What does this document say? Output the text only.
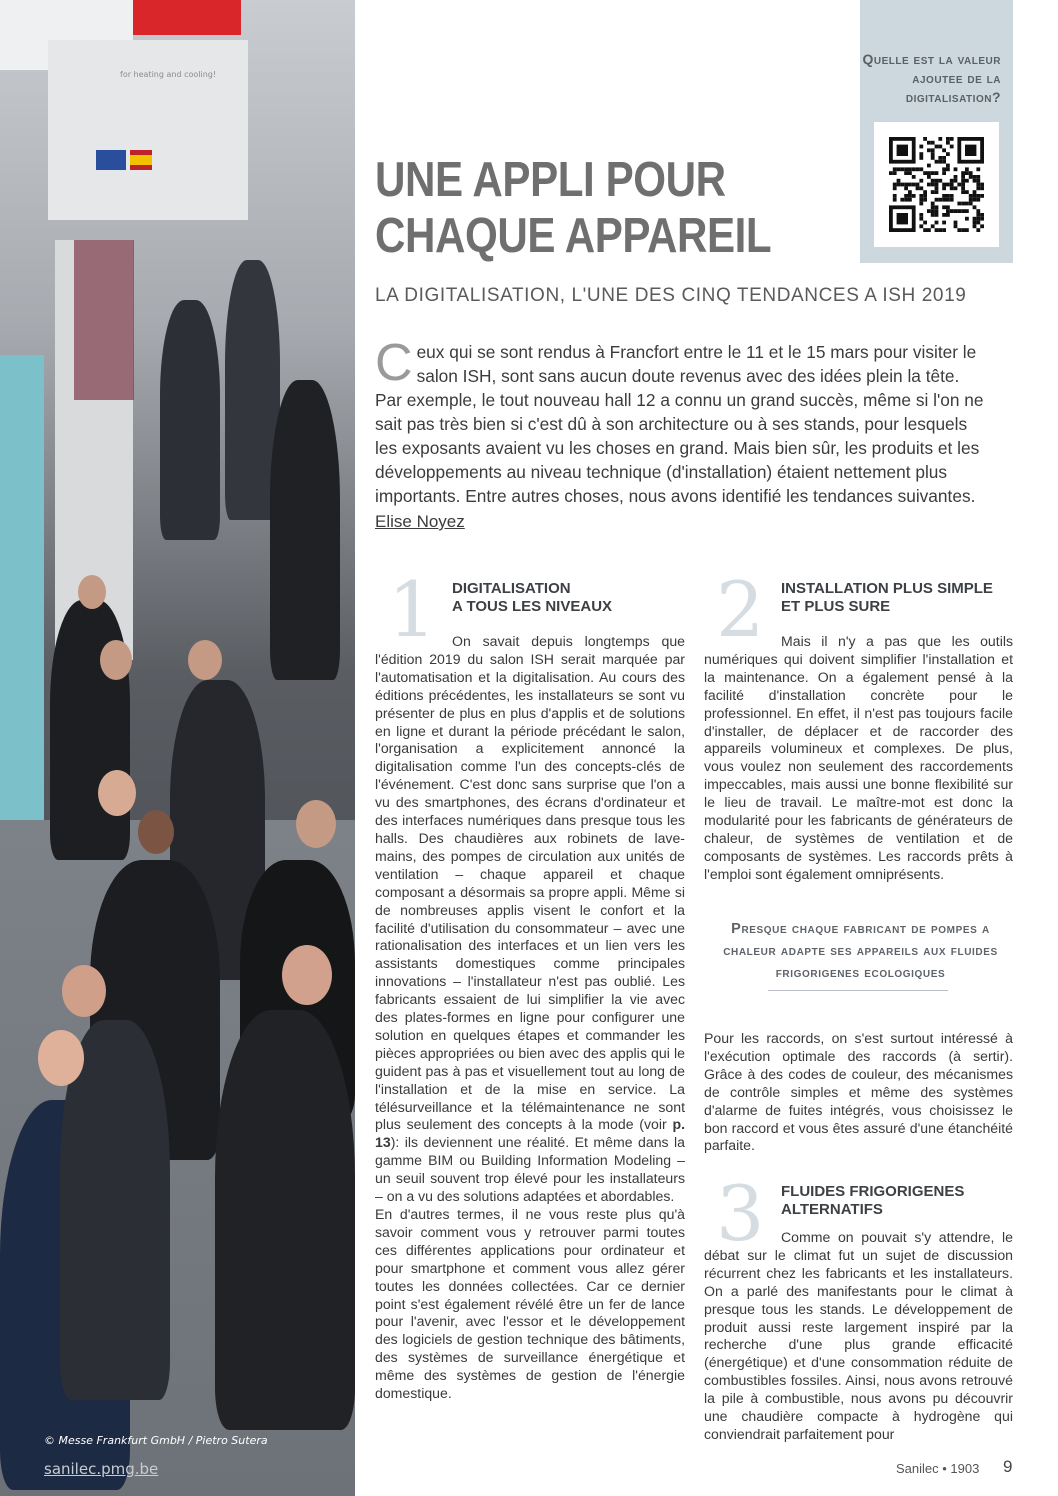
for heating and cooling!
© Messe Frankfurt GmbH / Pietro Sutera
sanilec.pmg.be
Quelle est la valeur ajoutee de la digitalisation?
UNE APPLI POUR
CHAQUE APPAREIL
LA DIGITALISATION, L'UNE DES CINQ TENDANCES A ISH 2019

Ceux qui se sont rendus à Francfort entre le 11 et le 15 mars pour visiter le salon ISH, sont sans aucun doute revenus avec des idées plein la tête. Par exemple, le tout nouveau hall 12 a connu un grand succès, même si l'on ne sait pas très bien si c'est dû à son architecture ou à ses stands, pour lesquels les exposants avaient vu les choses en grand. Mais bien sûr, les produits et les développements au niveau technique (d'installation) étaient nettement plus importants. Entre autres choses, nous avons identifié les tendances suivantes.

Elise Noyez
1 DIGITALISATION
A TOUS LES NIVEAUX

On savait depuis longtemps que l'édition 2019 du salon ISH serait marquée par l'automatisation et la digitalisation. Au cours des éditions précédentes, les installateurs se sont vu présenter de plus en plus d'applis et de solutions en ligne et durant la période précédant le salon, l'organisation a explicitement annoncé la digitalisation comme l'un des concepts-clés de l'événement. C'est donc sans surprise que l'on a vu des smartphones, des écrans d'ordinateur et des interfaces numériques dans presque tous les halls. Des chaudières aux robinets de lave-mains, des pompes de circulation aux unités de ventilation – chaque appareil et chaque composant a désormais sa propre appli. Même si de nombreuses applis visent le confort et la facilité d'utilisation du consommateur – avec une rationalisation des interfaces et un lien vers les assistants domestiques comme principales innovations – l'installateur n'est pas oublié. Les fabricants essaient de lui simplifier la vie avec des plates-formes en ligne pour configurer une solution en quelques étapes et commander les pièces appropriées ou bien avec des applis qui le guident pas à pas et visuellement tout au long de l'installation et de la mise en service. La télésurveillance et la télémaintenance ne sont plus seulement des concepts à la mode (voir p. 13): ils deviennent une réalité. Et même dans la gamme BIM ou Building Information Modeling – un seuil souvent trop élevé pour les installateurs – on a vu des solutions adaptées et abordables.

En d'autres termes, il ne vous reste plus qu'à savoir comment vous y retrouver parmi toutes ces différentes applications pour ordinateur et pour smartphone et comment vous allez gérer toutes les données collectées. Car ce dernier point s'est également révélé être un fer de lance pour l'avenir, avec l'essor et le développement des logiciels de gestion technique des bâtiments, des systèmes de surveillance énergétique et même des systèmes de gestion de l'énergie domestique.

2 INSTALLATION PLUS SIMPLE
ET PLUS SURE

Mais il n'y a pas que les outils numériques qui doivent simplifier l'installation et la maintenance. On a également pensé à la facilité d'installation concrète pour le professionnel. En effet, il n'est pas toujours facile d'installer, de déplacer et de raccorder des appareils volumineux et complexes. De plus, vous voulez non seulement des raccordements impeccables, mais aussi une bonne flexibilité sur le lieu de travail. Le maître-mot est donc la modularité pour les fabricants de générateurs de chaleur, de systèmes de ventilation et de composants de systèmes. Les raccords prêts à l'emploi sont également omniprésents.

Presque chaque fabricant de pompes a chaleur adapte ses appareils aux fluides frigorigenes ecologiques

Pour les raccords, on s'est surtout intéressé à l'exécution optimale des raccords (à sertir). Grâce à des codes de couleur, des mécanismes de contrôle simples et même des systèmes d'alarme de fuites intégrés, vous choisissez le bon raccord et vous êtes assuré d'une étanchéité parfaite.

3 FLUIDES FRIGORIGENES
ALTERNATIFS

Comme on pouvait s'y attendre, le débat sur le climat fut un sujet de discussion récurrent chez les fabricants et les installateurs. On a parlé des manifestants pour le climat à presque tous les stands. Le développement de produit aussi reste largement inspiré par la recherche d'une plus grande efficacité (énergétique) et d'une consommation réduite de combustibles fossiles. Ainsi, nous avons retrouvé la pile à combustible, nous avons pu découvrir une chaudière compacte à hydrogène qui conviendrait parfaitement pour

Sanilec • 1903 9
